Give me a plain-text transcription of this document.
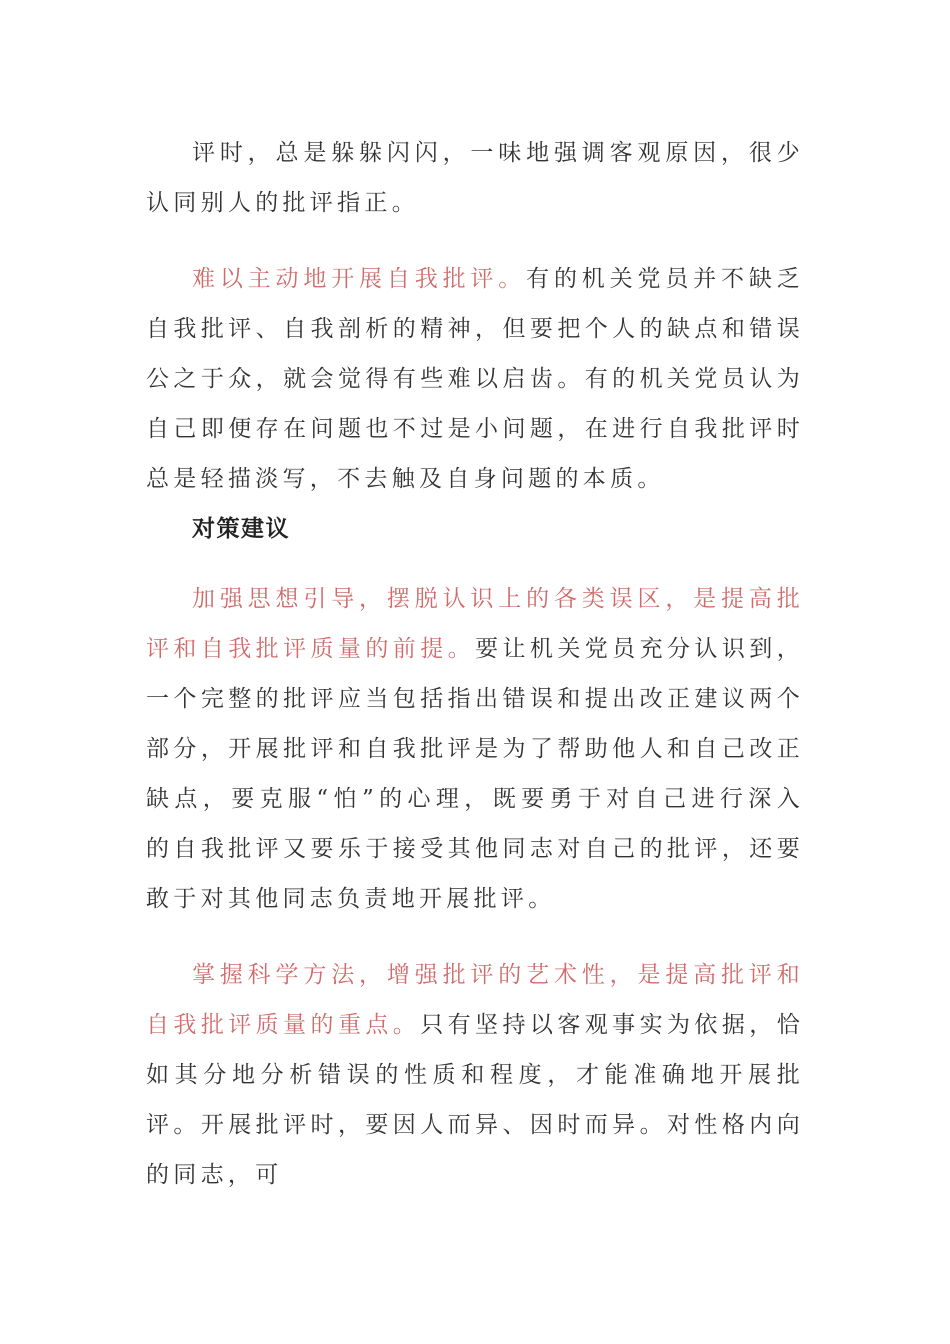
评时，总是躲躲闪闪，一味地强调客观原因，很少认同别人的批评指正。

难以主动地开展自我批评。有的机关党员并不缺乏自我批评、自我剖析的精神，但要把个人的缺点和错误公之于众，就会觉得有些难以启齿。有的机关党员认为自己即便存在问题也不过是小问题，在进行自我批评时总是轻描淡写，不去触及自身问题的本质。

对策建议

加强思想引导，摆脱认识上的各类误区，是提高批评和自我批评质量的前提。要让机关党员充分认识到，一个完整的批评应当包括指出错误和提出改正建议两个部分，开展批评和自我批评是为了帮助他人和自己改正缺点，要克服“怕”的心理，既要勇于对自己进行深入的自我批评又要乐于接受其他同志对自己的批评，还要敢于对其他同志负责地开展批评。

掌握科学方法，增强批评的艺术性，是提高批评和自我批评质量的重点。只有坚持以客观事实为依据，恰如其分地分析错误的性质和程度，才能准确地开展批评。开展批评时，要因人而异、因时而异。对性格内向的同志，可
